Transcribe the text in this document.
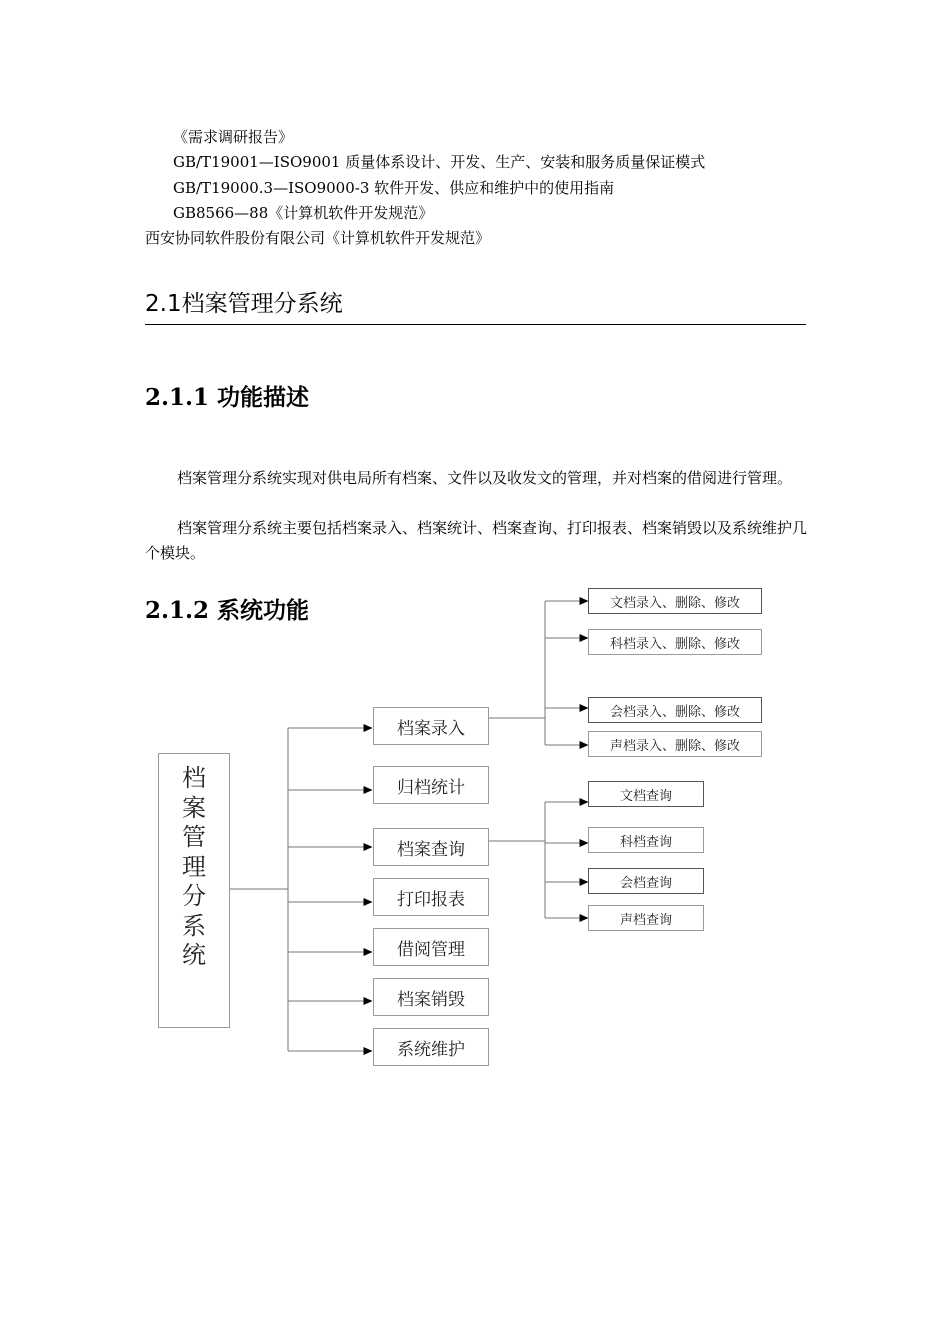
《需求调研报告》
GB/T19001—ISO9001 质量体系设计、开发、生产、安装和服务质量保证模式
GB/T19000.3—ISO9000-3 软件开发、供应和维护中的使用指南
GB8566—88《计算机软件开发规范》
西安协同软件股份有限公司《计算机软件开发规范》
2.1档案管理分系统
2.1.1 功能描述

档案管理分系统实现对供电局所有档案、文件以及收发文的管理，并对档案的借阅进行管理。

档案管理分系统主要包括档案录入、档案统计、档案查询、打印报表、档案销毁以及系统维护几个模块。

2.1.2 系统功能
档
案
管
理
分
系
统
档案录入
归档统计
档案查询
打印报表
借阅管理
档案销毁
系统维护
文档录入、删除、修改
科档录入、删除、修改
会档录入、删除、修改
声档录入、删除、修改
文档查询
科档查询
会档查询
声档查询
